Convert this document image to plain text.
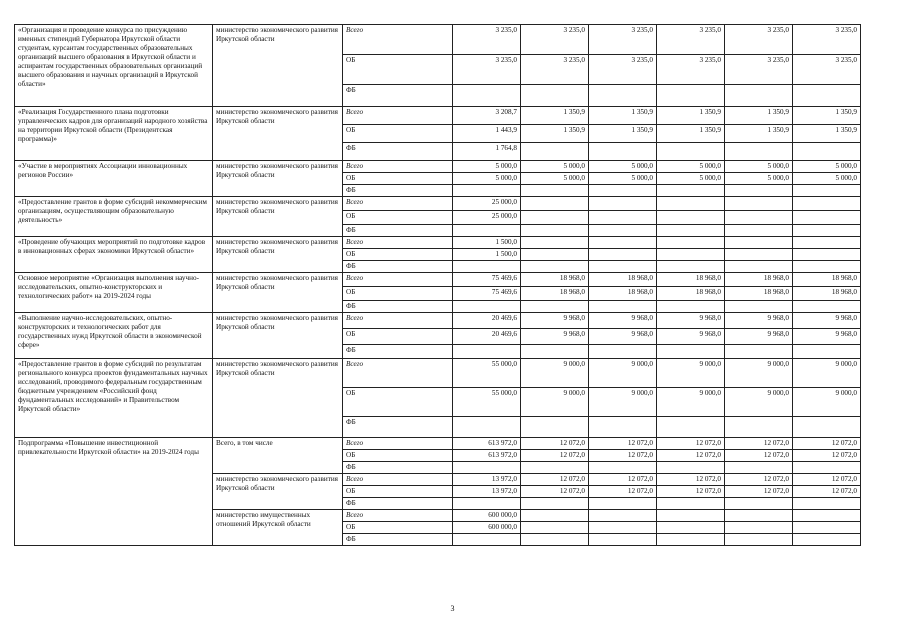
«Организация и проведение конкурса по присуждению именных стипендий Губернатора Иркутской области студентам, курсантам государственных образовательных организаций высшего образования в Иркутской области и аспирантам государственных образовательных организаций высшего образования и научных организаций в Иркутской области»	министерство экономического развития Иркутской области	Всего	3 235,0	3 235,0	3 235,0	3 235,0	3 235,0	3 235,0
		ОБ	3 235,0	3 235,0	3 235,0	3 235,0	3 235,0	3 235,0
		ФБ						
«Реализация Государственного плана подготовки управленческих кадров для организаций народного хозяйства на территории Иркутской области (Президентская программа)»	министерство экономического развития Иркутской области	Всего	3 208,7	1 350,9	1 350,9	1 350,9	1 350,9	1 350,9
		ОБ	1 443,9	1 350,9	1 350,9	1 350,9	1 350,9	1 350,9
		ФБ	1 764,8					
«Участие в мероприятиях Ассоциации инновационных регионов России»	министерство экономического развития Иркутской области	Всего	5 000,0	5 000,0	5 000,0	5 000,0	5 000,0	5 000,0
		ОБ	5 000,0	5 000,0	5 000,0	5 000,0	5 000,0	5 000,0
		ФБ						
«Предоставление грантов в форме субсидий некоммерческим организациям, осуществляющим образовательную деятельность»	министерство экономического развития Иркутской области	Всего	25 000,0					
		ОБ	25 000,0					
		ФБ						
«Проведение обучающих мероприятий по подготовке кадров в инновационных сферах экономики Иркутской области»	министерство экономического развития Иркутской области	Всего	1 500,0					
		ОБ	1 500,0					
		ФБ						
Основное мероприятие «Организация выполнения научно-исследовательских, опытно-конструкторских и технологических работ» на 2019-2024 годы	министерство экономического развития Иркутской области	Всего	75 469,6	18 968,0	18 968,0	18 968,0	18 968,0	18 968,0
		ОБ	75 469,6	18 968,0	18 968,0	18 968,0	18 968,0	18 968,0
		ФБ						
«Выполнение научно-исследовательских, опытно-конструкторских и технологических работ для государственных нужд Иркутской области в экономической сфере»	министерство экономического развития Иркутской области	Всего	20 469,6	9 968,0	9 968,0	9 968,0	9 968,0	9 968,0
		ОБ	20 469,6	9 968,0	9 968,0	9 968,0	9 968,0	9 968,0
		ФБ						
«Предоставление грантов в форме субсидий по результатам регионального конкурса проектов фундаментальных научных исследований, проводимого федеральным государственным бюджетным учреждением «Российский фонд фундаментальных исследований» и Правительством Иркутской области»	министерство экономического развития Иркутской области	Всего	55 000,0	9 000,0	9 000,0	9 000,0	9 000,0	9 000,0
		ОБ	55 000,0	9 000,0	9 000,0	9 000,0	9 000,0	9 000,0
		ФБ						
Подпрограмма «Повышение инвестиционной привлекательности Иркутской области» на 2019-2024 годы	Всего, в том числе	Всего	613 972,0	12 072,0	12 072,0	12 072,0	12 072,0	12 072,0
		ОБ	613 972,0	12 072,0	12 072,0	12 072,0	12 072,0	12 072,0
		ФБ						
	министерство экономического развития Иркутской области	Всего	13 972,0	12 072,0	12 072,0	12 072,0	12 072,0	12 072,0
		ОБ	13 972,0	12 072,0	12 072,0	12 072,0	12 072,0	12 072,0
		ФБ						
	министерство имущественных отношений Иркутской области	Всего	600 000,0					
		ОБ	600 000,0					
		ФБ						
3
